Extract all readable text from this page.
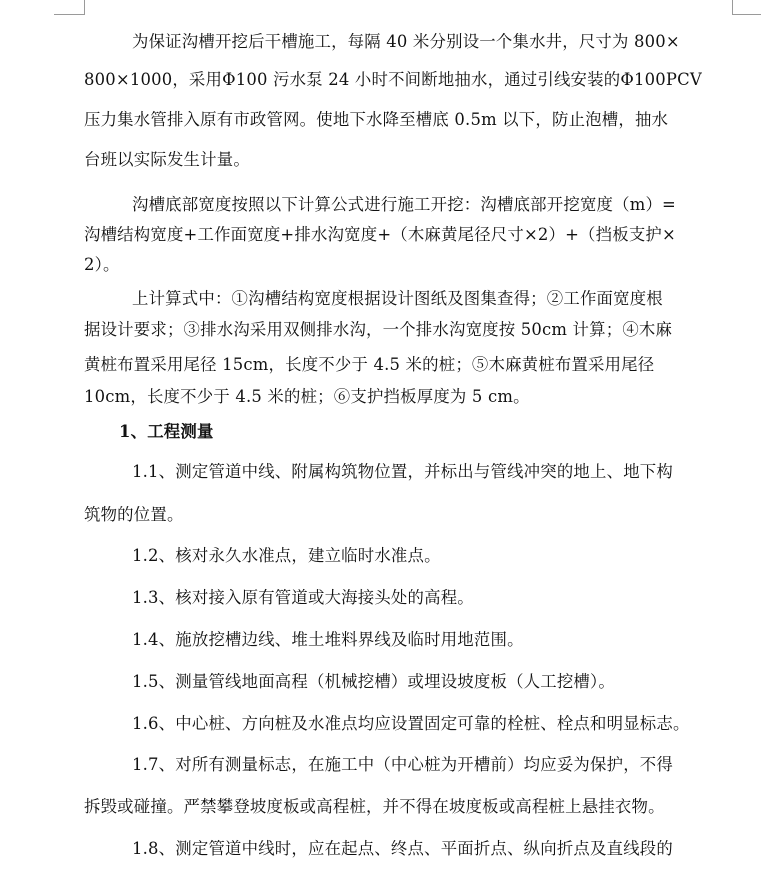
为保证沟槽开挖后干槽施工，每隔 40 米分别设一个集水井，尺寸为 800×
800×1000，采用Φ100 污水泵 24 小时不间断地抽水，通过引线安装的Φ100PCV
压力集水管排入原有市政管网。使地下水降至槽底 0.5m 以下，防止泡槽，抽水
台班以实际发生计量。
沟槽底部宽度按照以下计算公式进行施工开挖：沟槽底部开挖宽度（m）=
沟槽结构宽度+工作面宽度+排水沟宽度+（木麻黄尾径尺寸×2）+（挡板支护×
2）。
上计算式中：①沟槽结构宽度根据设计图纸及图集查得；②工作面宽度根
据设计要求；③排水沟采用双侧排水沟，一个排水沟宽度按 50cm 计算；④木麻
黄桩布置采用尾径 15cm，长度不少于 4.5 米的桩；⑤木麻黄桩布置采用尾径
10cm，长度不少于 4.5 米的桩；⑥支护挡板厚度为 5 cm。
1、工程测量
1.1、测定管道中线、附属构筑物位置，并标出与管线冲突的地上、地下构
筑物的位置。
1.2、核对永久水准点，建立临时水准点。
1.3、核对接入原有管道或大海接头处的高程。
1.4、施放挖槽边线、堆土堆料界线及临时用地范围。
1.5、测量管线地面高程（机械挖槽）或埋设坡度板（人工挖槽）。
1.6、中心桩、方向桩及水准点均应设置固定可靠的栓桩、栓点和明显标志。
1.7、对所有测量标志，在施工中（中心桩为开槽前）均应妥为保护，不得
拆毁或碰撞。严禁攀登坡度板或高程桩，并不得在坡度板或高程桩上悬挂衣物。
1.8、测定管道中线时，应在起点、终点、平面折点、纵向折点及直线段的
